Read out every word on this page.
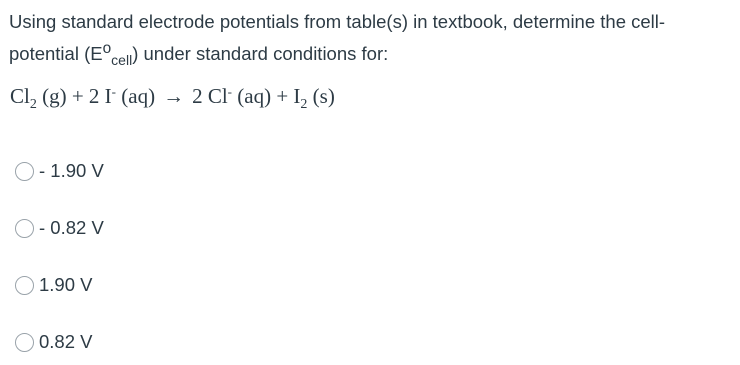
Using standard electrode potentials from table(s) in textbook, determine the cell-

potential $(E^o_{cell})$ under standard conditions for:

$Cl_2$ (g) + 2 I- (aq) → 2 Cl- $(aq) + I_2$ (s)
- 1.90 V
- 0.82 V
1.90 V
0.82 V
